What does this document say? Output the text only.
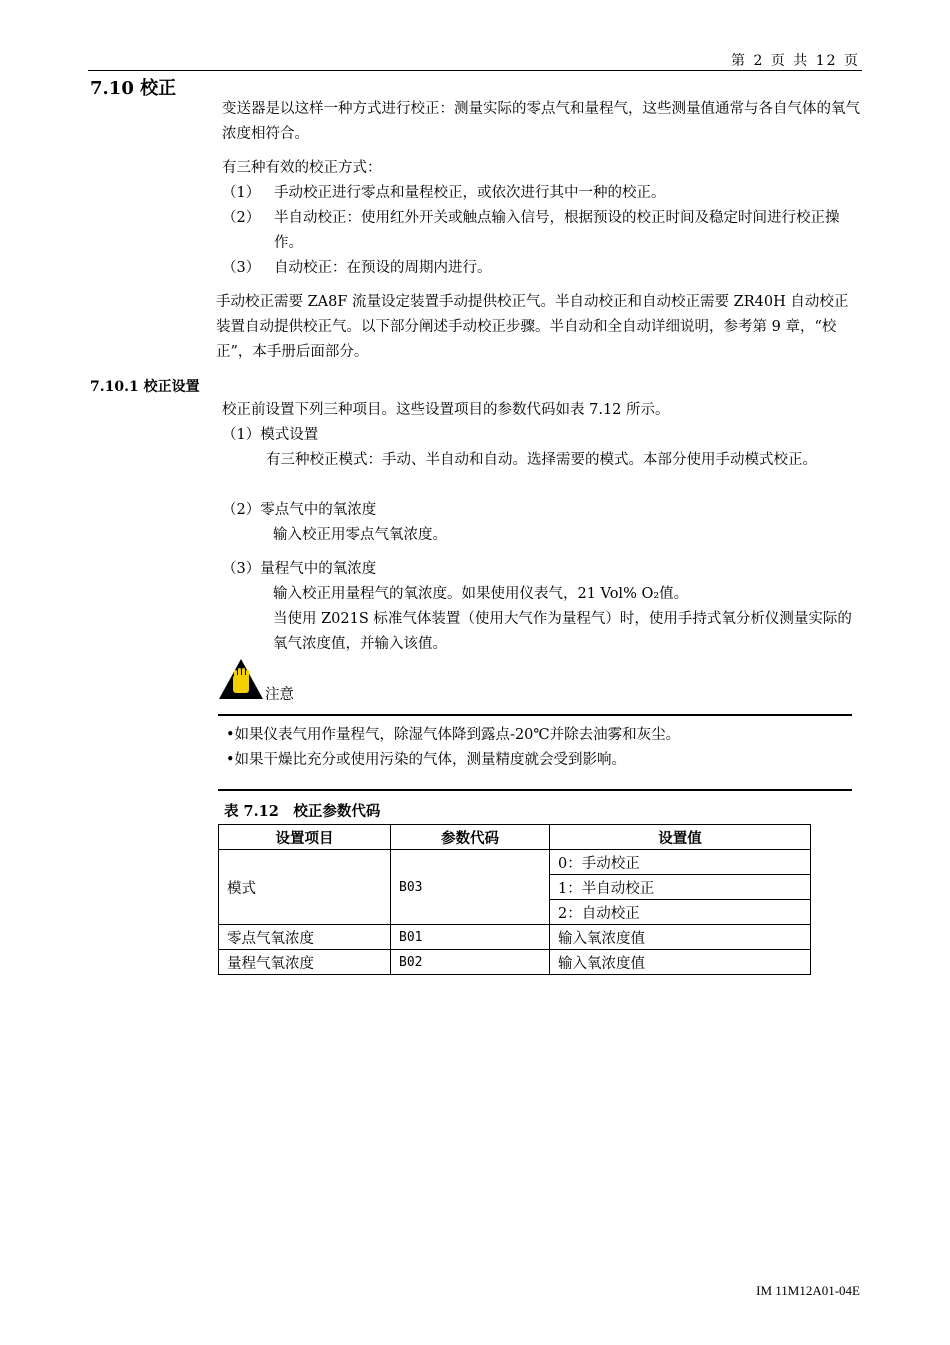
第 2 页 共 12 页
7.10 校正
变送器是以这样一种方式进行校正：测量实际的零点气和量程气，这些测量值通常与各自气体的氧气浓度相符合。
有三种有效的校正方式：
（1） 手动校正进行零点和量程校正，或依次进行其中一种的校正。
（2） 半自动校正：使用红外开关或触点输入信号，根据预设的校正时间及稳定时间进行校正操作。
（3） 自动校正：在预设的周期内进行。
手动校正需要 ZA8F 流量设定装置手动提供校正气。半自动校正和自动校正需要 ZR40H 自动校正装置自动提供校正气。以下部分阐述手动校正步骤。半自动和全自动详细说明，参考第 9 章，“校正”，本手册后面部分。
7.10.1 校正设置
校正前设置下列三种项目。这些设置项目的参数代码如表 7.12 所示。
（1）模式设置
有三种校正模式：手动、半自动和自动。选择需要的模式。本部分使用手动模式校正。
（2）零点气中的氧浓度
输入校正用零点气氧浓度。
（3）量程气中的氧浓度
输入校正用量程气的氧浓度。如果使用仪表气，21 Vol% O₂值。
当使用 Z021S 标准气体装置（使用大气作为量程气）时，使用手持式氧分析仪测量实际的氧气浓度值，并输入该值。
注意
•如果仪表气用作量程气，除湿气体降到露点-20℃并除去油雾和灰尘。
•如果干燥比充分或使用污染的气体，测量精度就会受到影响。
表 7.12　校正参数代码
设置项目	参数代码	设置值
模式	B03	0：手动校正
		1：半自动校正
		2：自动校正
零点气氧浓度	B01	输入氧浓度值
量程气氧浓度	B02	输入氧浓度值
IM 11M12A01-04E
